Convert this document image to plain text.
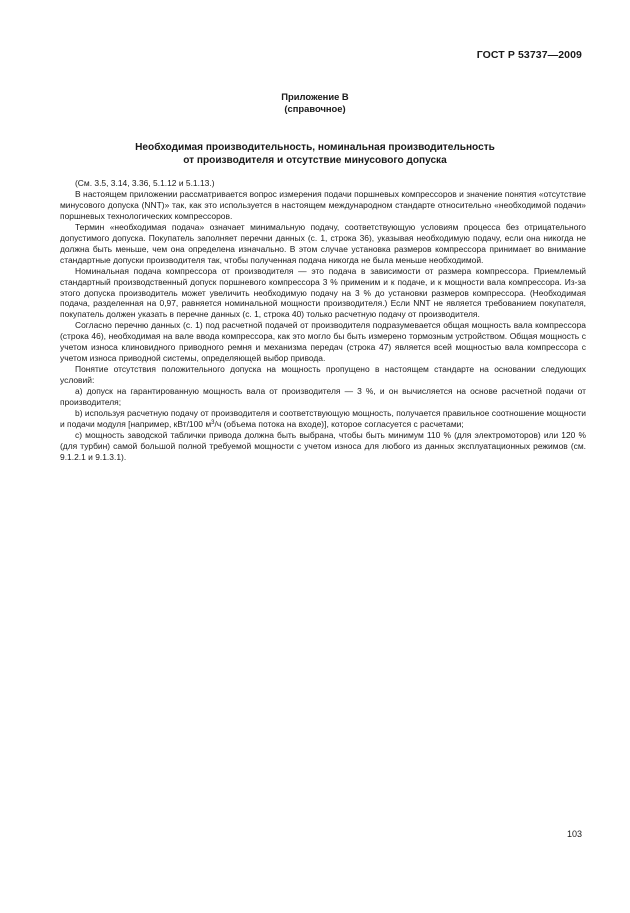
ГОСТ Р 53737—2009
Приложение В
(справочное)
Необходимая производительность, номинальная производительность
от производителя и отсутствие минусового допуска

(См. 3.5, 3.14, 3.36, 5.1.12 и 5.1.13.)

В настоящем приложении рассматривается вопрос измерения подачи поршневых компрессоров и значение понятия «отсутствие минусового допуска (NNT)» так, как это используется в настоящем международном стандарте относительно «необходимой подачи» поршневых технологических компрессоров.

Термин «необходимая подача» означает минимальную подачу, соответствующую условиям процесса без отрицательного допустимого допуска. Покупатель заполняет перечни данных (с. 1, строка 36), указывая необходимую подачу, если она никогда не должна быть меньше, чем она определена изначально. В этом случае установка размеров компрессора принимает во внимание стандартные допуски производителя так, чтобы полученная подача никогда не была меньше необходимой.

Номинальная подача компрессора от производителя — это подача в зависимости от размера компрессора. Приемлемый стандартный производственный допуск поршневого компрессора 3 % применим и к подаче, и к мощности вала компрессора. Из-за этого допуска производитель может увеличить необходимую подачу на 3 % до установки размеров компрессора. (Необходимая подача, разделенная на 0,97, равняется номинальной мощности производителя.) Если NNT не является требованием покупателя, покупатель должен указать в перечне данных (с. 1, строка 40) только расчетную подачу от производителя.

Согласно перечню данных (с. 1) под расчетной подачей от производителя подразумевается общая мощность вала компрессора (строка 46), необходимая на вале ввода компрессора, как это могло бы быть измерено тормозным устройством. Общая мощность с учетом износа клиновидного приводного ремня и механизма передач (строка 47) является всей мощностью вала компрессора с учетом износа приводной системы, определяющей выбор привода.

Понятие отсутствия положительного допуска на мощность пропущено в настоящем стандарте на основании следующих условий:

a) допуск на гарантированную мощность вала от производителя — 3 %, и он вычисляется на основе расчетной подачи от производителя;

b) используя расчетную подачу от производителя и соответствующую мощность, получается правильное соотношение мощности и подачи модуля [например, кВт/100 $м^3/ч$ (объема потока на входе)], которое согласуется с расчетами;

c) мощность заводской таблички привода должна быть выбрана, чтобы быть минимум 110 % (для электромоторов) или 120 % (для турбин) самой большой полной требуемой мощности с учетом износа для любого из данных эксплуатационных режимов (см. 9.1.2.1 и 9.1.3.1).

103
